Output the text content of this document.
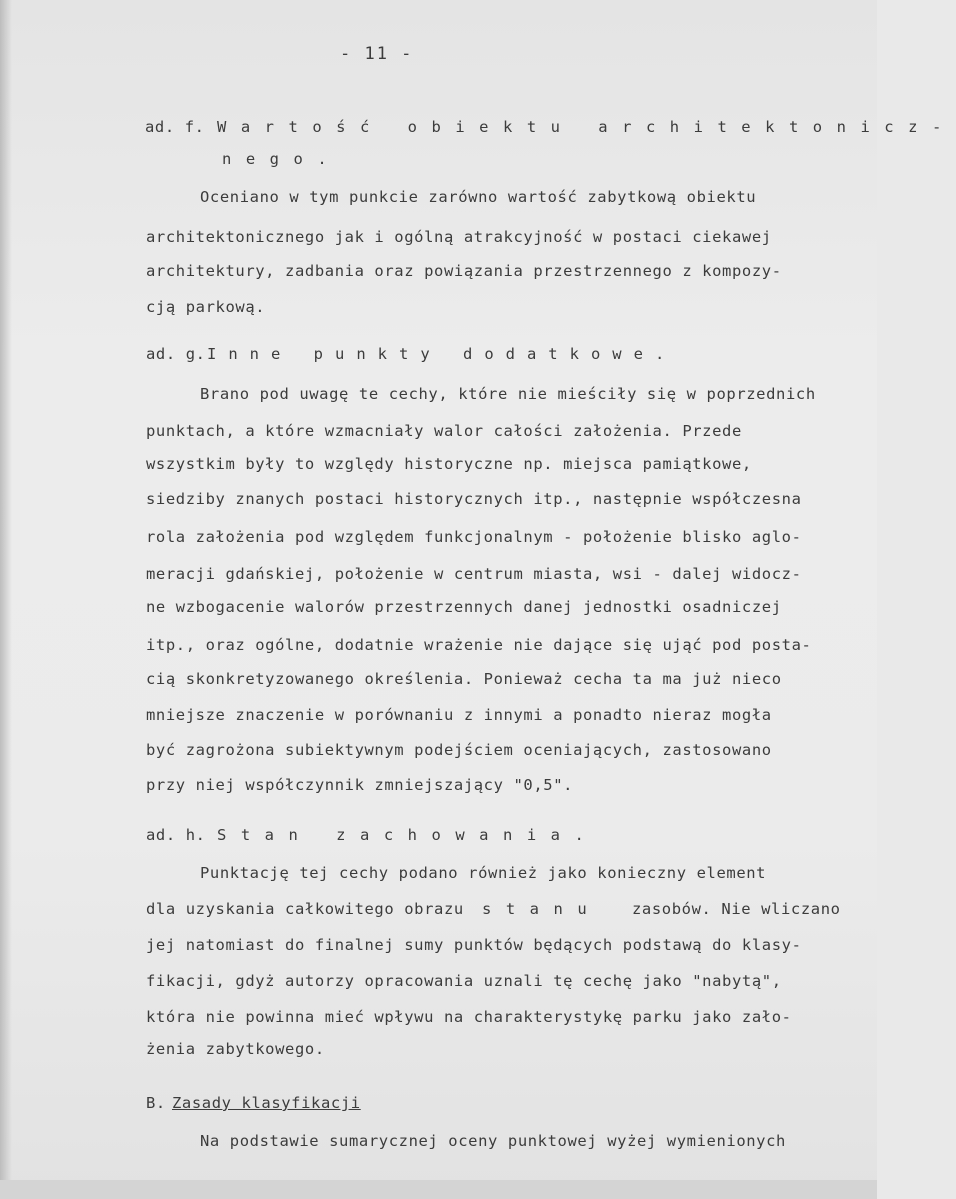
- 11 -
ad. f. Wartość obiektu architektonicz-
nego.
Oceniano w tym punkcie zarówno wartość zabytkową obiektu
architektonicznego jak i ogólną atrakcyjność w postaci ciekawej
architektury, zadbania oraz powiązania przestrzennego z kompozy-
cją parkową.
ad. g. Inne punkty dodatkowe.
Brano pod uwagę te cechy, które nie mieściły się w poprzednich
punktach, a które wzmacniały walor całości założenia. Przede
wszystkim były to względy historyczne np. miejsca pamiątkowe,
siedziby znanych postaci historycznych itp., następnie współczesna
rola założenia pod względem funkcjonalnym - położenie blisko aglo-
meracji gdańskiej, położenie w centrum miasta, wsi - dalej widocz-
ne wzbogacenie walorów przestrzennych danej jednostki osadniczej
itp., oraz ogólne, dodatnie wrażenie nie dające się ująć pod posta-
cią skonkretyzowanego określenia. Ponieważ cecha ta ma już nieco
mniejsze znaczenie w porównaniu z innymi a ponadto nieraz mogła
być zagrożona subiektywnym podejściem oceniających, zastosowano
przy niej współczynnik zmniejszający "0,5".
ad. h. Stan zachowania.
Punktację tej cechy podano również jako konieczny element
dla uzyskania całkowitego obrazu stanu zasobów. Nie wliczano
jej natomiast do finalnej sumy punktów będących podstawą do klasy-
fikacji, gdyż autorzy opracowania uznali tę cechę jako "nabytą",
która nie powinna mieć wpływu na charakterystykę parku jako zało-
żenia zabytkowego.
B. Zasady klasyfikacji
Na podstawie sumarycznej oceny punktowej wyżej wymienionych
